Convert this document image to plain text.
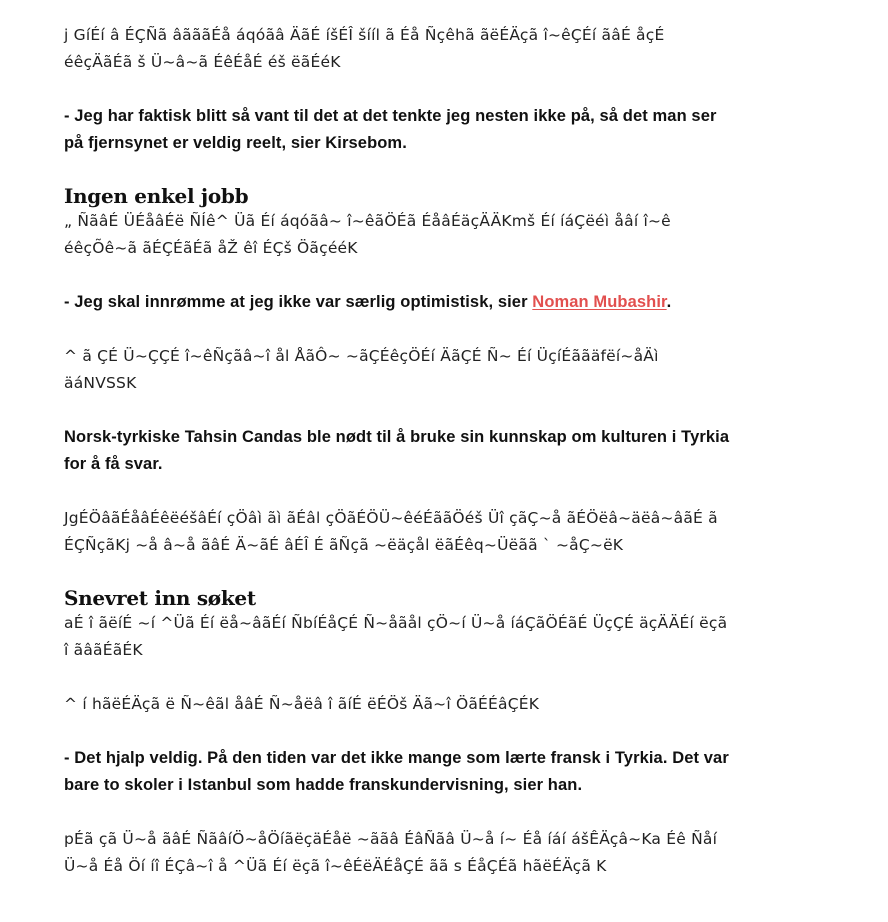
j GíÉí â ÉÇÑã âãããÉå áqóãâ ÄãÉ íšÉÎ šííl ã Éå Ñçêhã ãëÉÄçã î~êÇÉí ãâÉ åçÉ éêçÄãÉã š Ü~â~ã ÉêÉåÉ éš ëãÉéK

- Jeg har faktisk blitt så vant til det at det tenkte jeg nesten ikke på, så det man ser på fjernsynet er veldig reelt, sier Kirsebom.

Ingen enkel jobb

„ ÑãâÉ ÜÉåâÉë ÑÍê^ Üã Éí áqóãâ~ î~êãÖÉã ÉåâÉäçÄÄKmš Éí íáÇëéì åâí î~ê éêçÕê~ã ãÉÇÉãÉã åŽ êî ÉÇš ÖãçééK

- Jeg skal innrømme at jeg ikke var særlig optimistisk, sier Noman Mubashir.

^ ã ÇÉ Ü~ÇÇÉ î~êÑçãâ~î ål ÅãÔ~ ~ãÇÉêçÖÉí ÄãÇÉ Ñ~ Éí ÜçíÉããäfëí~åÄì äáNVSSK

Norsk-tyrkiske Tahsin Candas ble nødt til å bruke sin kunnskap om kulturen i Tyrkia for å få svar.

JgÉÖâãÉåâÉêëéšâÉí çÖâì ãì ãÉâl çÖãÉÖÜ~êéÉããÖéš Üî çãÇ~å ãÉÖëâ~äëâ~âãÉ ã ÉÇÑçãKj ~å â~å ãâÉ Ä~ãÉ âÉÎ É ãÑçã ~ëäçål ëãÉêq~Üëãã ` ~åÇ~ëK

Snevret inn søket

aÉ î ãëíÉ ~í ^Üã Éí ëå~âãÉí ÑbíÉåÇÉ Ñ~åãål çÖ~í Ü~å íáÇãÖÉãÉ ÜçÇÉ äçÄÄÉí ëçã î ãâãÉãÉK

^ í hãëÉÄçã ë Ñ~êãl åâÉ Ñ~åëâ î ãíÉ ëÉÖš Äã~î ÖãÉÉâÇÉK

- Det hjalp veldig. På den tiden var det ikke mange som lærte fransk i Tyrkia. Det var bare to skoler i Istanbul som hadde franskundervisning, sier han.

pÉã çã Ü~å ãâÉ ÑãâíÖ~åÖíãëçäÉåë ~ããâ ÉâÑãâ Ü~å í~ Éå íáí ášÊÄçâ~Ka Éê Ñåí Ü~å Éå Öí íî ÉÇâ~î å ^Üã Éí ëçã î~êÉëÄÉåÇÉ ãã s ÉåÇÉã hãëÉÄçã K
